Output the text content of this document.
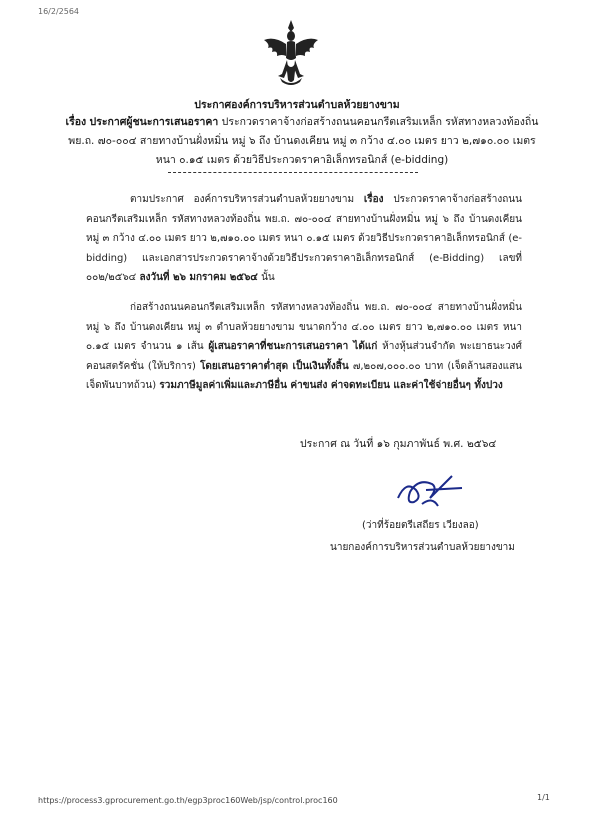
16/2/2564
ประกาศองค์การบริหารส่วนตำบลห้วยยางขาม
เรื่อง ประกาศผู้ชนะการเสนอราคา ประกวดราคาจ้างก่อสร้างถนนคอนกรีตเสริมเหล็ก รหัสทางหลวงท้องถิ่น พย.ถ. ๗๐-๐๐๔ สายทางบ้านฝั่งหมิ่น หมู่ ๖ ถึง บ้านดงเคียน หมู่ ๓ กว้าง ๔.๐๐ เมตร ยาว ๒,๗๑๐.๐๐ เมตร หนา ๐.๑๕ เมตร ด้วยวิธีประกวดราคาอิเล็กทรอนิกส์ (e-bidding)
ตามประกาศ องค์การบริหารส่วนตำบลห้วยยางขาม เรื่อง ประกวดราคาจ้างก่อสร้างถนนคอนกรีตเสริมเหล็ก รหัสทางหลวงท้องถิ่น พย.ถ. ๗๐-๐๐๔ สายทางบ้านฝั่งหมิ่น หมู่ ๖ ถึง บ้านดงเคียน หมู่ ๓ กว้าง ๔.๐๐ เมตร ยาว ๒,๗๑๐.๐๐ เมตร หนา ๐.๑๕ เมตร ด้วยวิธีประกวดราคาอิเล็กทรอนิกส์ (e-bidding) และเอกสารประกวดราคาจ้างด้วยวิธีประกวดราคาอิเล็กทรอนิกส์ (e-Bidding) เลขที่ ๐๐๒/๒๕๖๔ ลงวันที่ ๒๖ มกราคม ๒๕๖๔ นั้น
ก่อสร้างถนนคอนกรีตเสริมเหล็ก รหัสทางหลวงท้องถิ่น พย.ถ. ๗๐-๐๐๔ สายทางบ้านฝั่งหมิ่น หมู่ ๖ ถึง บ้านดงเคียน หมู่ ๓ ตำบลห้วยยางขาม ขนาดกว้าง ๔.๐๐ เมตร ยาว ๒,๗๑๐.๐๐ เมตร หนา ๐.๑๕ เมตร จำนวน ๑ เส้น ผู้เสนอราคาที่ชนะการเสนอราคา ได้แก่ ห้างหุ้นส่วนจำกัด พะเยาธนะวงศ์ คอนสตรัคชั่น (ให้บริการ) โดยเสนอราคาต่ำสุด เป็นเงินทั้งสิ้น ๗,๒๐๗,๐๐๐.๐๐ บาท (เจ็ดล้านสองแสนเจ็ดพันบาทถ้วน) รวมภาษีมูลค่าเพิ่มและภาษีอื่น ค่าขนส่ง ค่าจดทะเบียน และค่าใช้จ่ายอื่นๆ ทั้งปวง
ประกาศ ณ วันที่ ๑๖ กุมภาพันธ์ พ.ศ. ๒๕๖๔
(ว่าที่ร้อยตรีเสถียร เวียงลอ)
นายกองค์การบริหารส่วนตำบลห้วยยางขาม
https://process3.gprocurement.go.th/egp3proc160Web/jsp/control.proc160	1/1
